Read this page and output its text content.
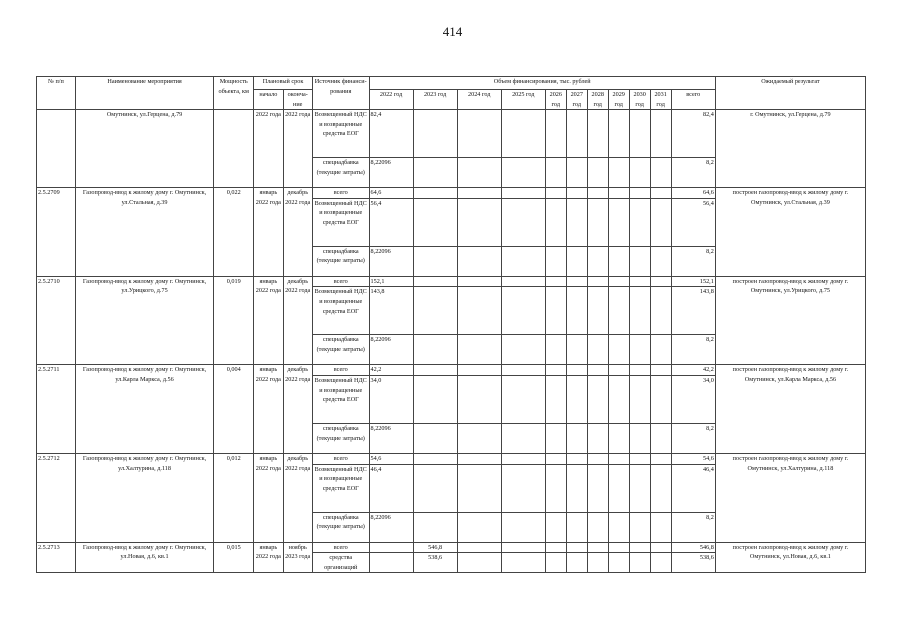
414
№ п/п	Наименование мероприятия	Мощность объекта, км	Плановый срок		Источник финанси-рования	Объем финансирования, тыс. рублей											Ожидаемый результат
			начало	оконча-ние		2022 год	2023 год	2024 год	2025 год	2026 год	2027 год	2028 год	2029 год	2030 год	2031 год	всего	
	Омутнинск, ул.Герцена, д.79		2022 года	2022 года	Возмещенный НДС и возвращенные средства ЕОГ	82,4										82,4	г. Омутнинск, ул.Герцена, д.79
					спецнадбавка (текущие затраты)	8,22096										8,2	
2.5.2709	Газопровод-ввод к жилому дому г. Омутнинск, ул.Стальная, д.39	0,022	январь 2022 года	декабрь 2022 года	всего	64,6										64,6	построен газопровод-ввод к жилому дому г. Омутнинск, ул.Стальная, д.39
					Возмещенный НДС и возвращенные средства ЕОГ	56,4										56,4	
					спецнадбавка (текущие затраты)	8,22096										8,2	
2.5.2710	Газопровод-ввод к жилому дому г. Омутнинск, ул.Урицкого, д.75	0,019	январь 2022 года	декабрь 2022 года	всего	152,1										152,1	построен газопровод-ввод к жилому дому г. Омутнинск, ул.Урицкого, д.75
					Возмещенный НДС и возвращенные средства ЕОГ	143,8										143,8	
					спецнадбавка (текущие затраты)	8,22096										8,2	
2.5.2711	Газопровод-ввод к жилому дому г. Омутнинск, ул.Карла Маркса, д.56	0,004	январь 2022 года	декабрь 2022 года	всего	42,2										42,2	построен газопровод-ввод к жилому дому г. Омутнинск, ул.Карла Маркса, д.56
					Возмещенный НДС и возвращенные средства ЕОГ	34,0										34,0	
					спецнадбавка (текущие затраты)	8,22096										8,2	
2.5.2712	Газопровод-ввод к жилому дому г. Омутнинск, ул.Халтурина, д.118	0,012	январь 2022 года	декабрь 2022 года	всего	54,6										54,6	построен газопровод-ввод к жилому дому г. Омутнинск, ул.Халтурина, д.118
					Возмещенный НДС и возвращенные средства ЕОГ	46,4										46,4	
					спецнадбавка (текущие затраты)	8,22096										8,2	
2.5.2713	Газопровод-ввод к жилому дому г. Омутнинск, ул.Новая, д.6, кв.1	0,015	январь 2022 года	ноябрь 2023 года	всего		546,8									546,8	построен газопровод-ввод к жилому дому г. Омутнинск, ул.Новая, д.6, кв.1
					средства организаций		538,6									538,6	
